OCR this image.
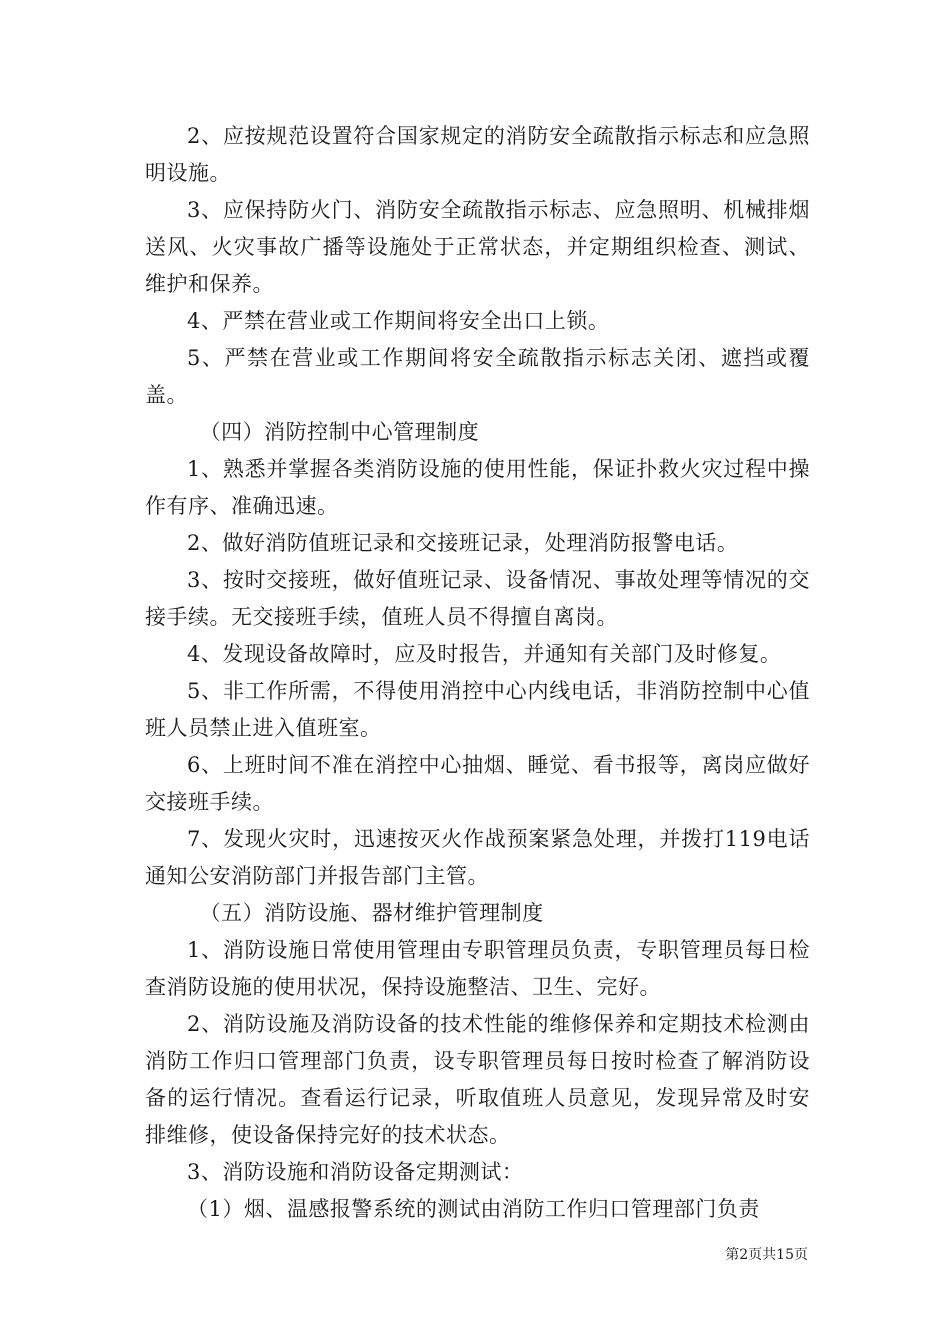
2、应按规范设置符合国家规定的消防安全疏散指示标志和应急照明设施。

3、应保持防火门、消防安全疏散指示标志、应急照明、机械排烟送风、火灾事故广播等设施处于正常状态，并定期组织检查、测试、维护和保养。

4、严禁在营业或工作期间将安全出口上锁。

5、严禁在营业或工作期间将安全疏散指示标志关闭、遮挡或覆盖。

（四）消防控制中心管理制度

1、熟悉并掌握各类消防设施的使用性能，保证扑救火灾过程中操作有序、准确迅速。

2、做好消防值班记录和交接班记录，处理消防报警电话。

3、按时交接班，做好值班记录、设备情况、事故处理等情况的交接手续。无交接班手续，值班人员不得擅自离岗。

4、发现设备故障时，应及时报告，并通知有关部门及时修复。

5、非工作所需，不得使用消控中心内线电话，非消防控制中心值班人员禁止进入值班室。

6、上班时间不准在消控中心抽烟、睡觉、看书报等，离岗应做好交接班手续。

7、发现火灾时，迅速按灭火作战预案紧急处理，并拨打119电话通知公安消防部门并报告部门主管。

（五）消防设施、器材维护管理制度

1、消防设施日常使用管理由专职管理员负责，专职管理员每日检查消防设施的使用状况，保持设施整洁、卫生、完好。

2、消防设施及消防设备的技术性能的维修保养和定期技术检测由消防工作归口管理部门负责，设专职管理员每日按时检查了解消防设备的运行情况。查看运行记录，听取值班人员意见，发现异常及时安排维修，使设备保持完好的技术状态。

3、消防设施和消防设备定期测试：

（1）烟、温感报警系统的测试由消防工作归口管理部门负责

第2页共15页
